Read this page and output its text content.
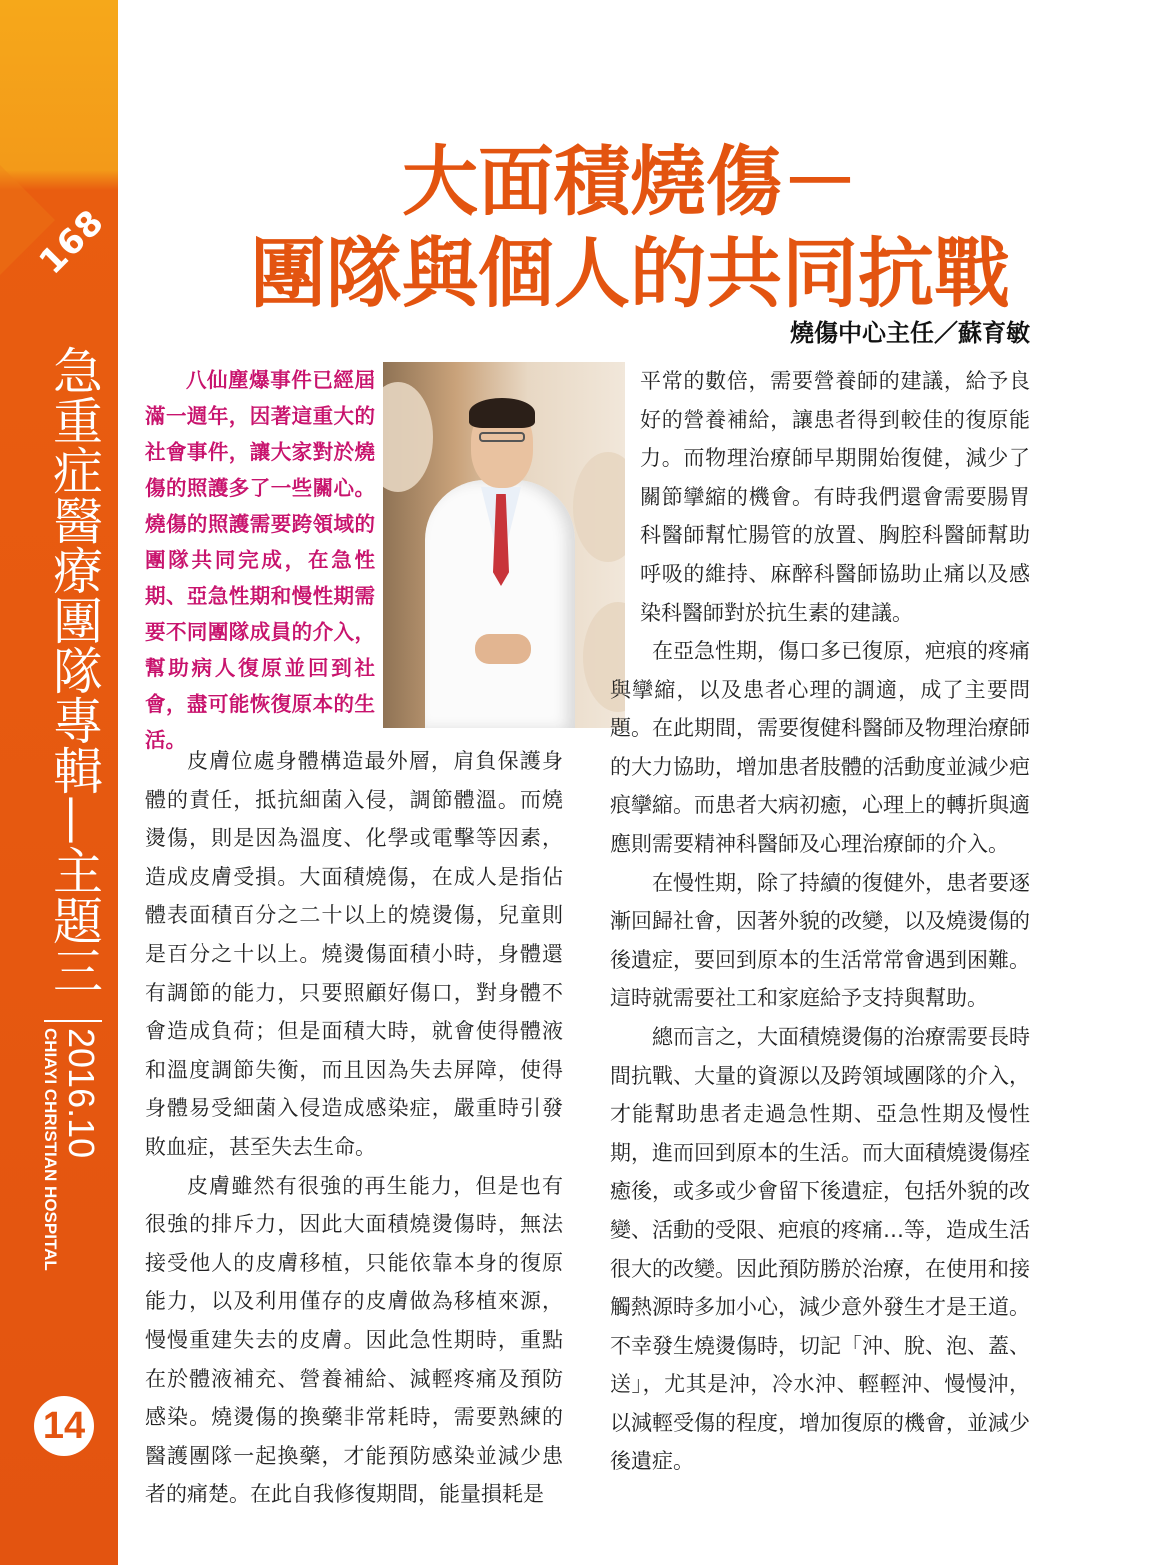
168
急重症醫療團隊專輯—主題三
2016.10
CHIAYI CHRISTIAN HOSPITAL
14
大面積燒傷－
團隊與個人的共同抗戰
燒傷中心主任／蘇育敏

八仙塵爆事件已經屆滿一週年，因著這重大的社會事件，讓大家對於燒傷的照護多了一些關心。燒傷的照護需要跨領域的團隊共同完成，在急性期、亞急性期和慢性期需要不同團隊成員的介入，幫助病人復原並回到社會，盡可能恢復原本的生活。

皮膚位處身體構造最外層，肩負保護身體的責任，抵抗細菌入侵，調節體溫。而燒燙傷，則是因為溫度、化學或電擊等因素，造成皮膚受損。大面積燒傷，在成人是指佔體表面積百分之二十以上的燒燙傷，兒童則是百分之十以上。燒燙傷面積小時，身體還有調節的能力，只要照顧好傷口，對身體不會造成負荷；但是面積大時，就會使得體液和溫度調節失衡，而且因為失去屏障，使得身體易受細菌入侵造成感染症，嚴重時引發敗血症，甚至失去生命。

皮膚雖然有很強的再生能力，但是也有很強的排斥力，因此大面積燒燙傷時，無法接受他人的皮膚移植，只能依靠本身的復原能力，以及利用僅存的皮膚做為移植來源，慢慢重建失去的皮膚。因此急性期時，重點在於體液補充、營養補給、減輕疼痛及預防感染。燒燙傷的換藥非常耗時，需要熟練的醫護團隊一起換藥，才能預防感染並減少患者的痛楚。在此自我修復期間，能量損耗是

平常的數倍，需要營養師的建議，給予良好的營養補給，讓患者得到較佳的復原能力。而物理治療師早期開始復健，減少了關節攣縮的機會。有時我們還會需要腸胃科醫師幫忙腸管的放置、胸腔科醫師幫助呼吸的維持、麻醉科醫師協助止痛以及感染科醫師對於抗生素的建議。

在亞急性期，傷口多已復原，疤痕的疼痛與攣縮，以及患者心理的調適，成了主要問題。在此期間，需要復健科醫師及物理治療師的大力協助，增加患者肢體的活動度並減少疤痕攣縮。而患者大病初癒，心理上的轉折與適應則需要精神科醫師及心理治療師的介入。

在慢性期，除了持續的復健外，患者要逐漸回歸社會，因著外貌的改變，以及燒燙傷的後遺症，要回到原本的生活常常會遇到困難。這時就需要社工和家庭給予支持與幫助。

總而言之，大面積燒燙傷的治療需要長時間抗戰、大量的資源以及跨領域團隊的介入，才能幫助患者走過急性期、亞急性期及慢性期，進而回到原本的生活。而大面積燒燙傷痊癒後，或多或少會留下後遺症，包括外貌的改變、活動的受限、疤痕的疼痛…等，造成生活很大的改變。因此預防勝於治療，在使用和接觸熱源時多加小心，減少意外發生才是王道。不幸發生燒燙傷時，切記「沖、脫、泡、蓋、送」，尤其是沖，冷水沖、輕輕沖、慢慢沖，以減輕受傷的程度，增加復原的機會，並減少後遺症。
